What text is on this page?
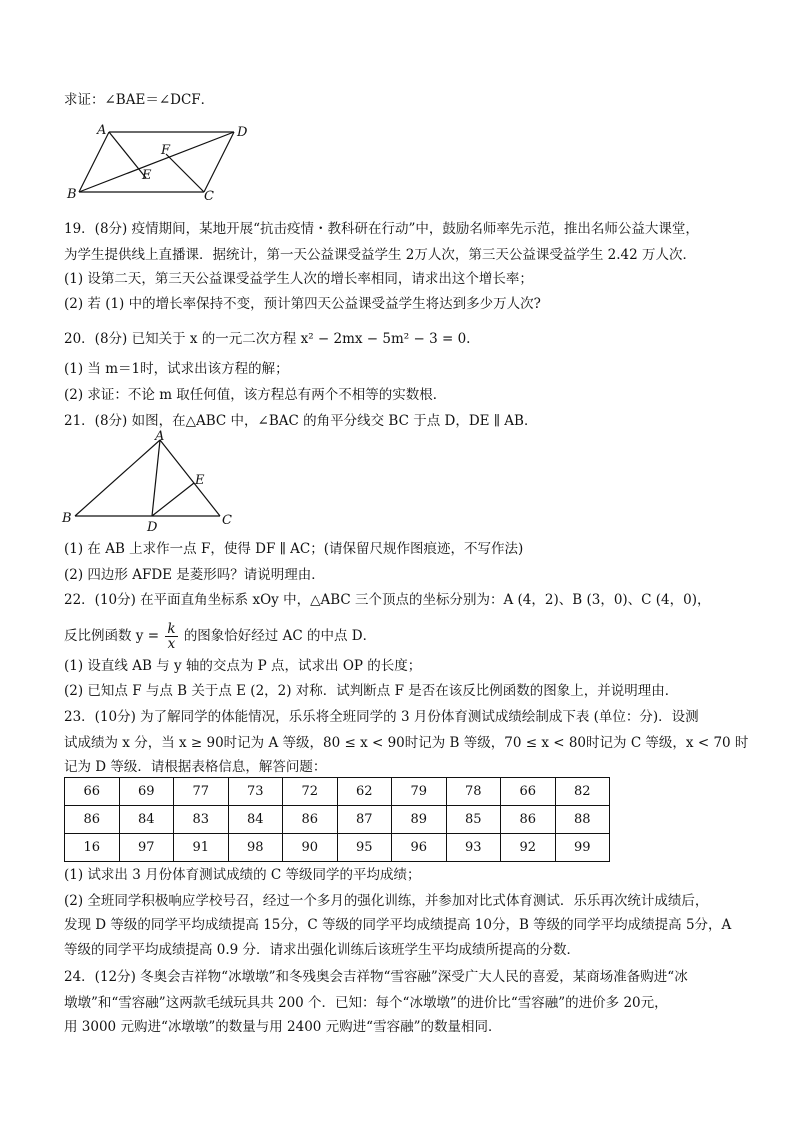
求证：∠BAE＝∠DCF．
A
B	C
D
E
F
19．(8分) 疫情期间，某地开展“抗击疫情・教科研在行动”中，鼓励名师率先示范，推出名师公益大课堂，
为学生提供线上直播课．据统计，第一天公益课受益学生 2万人次，第三天公益课受益学生 2.42 万人次．
(1) 设第二天，第三天公益课受益学生人次的增长率相同，请求出这个增长率；
(2) 若 (1) 中的增长率保持不变，预计第四天公益课受益学生将达到多少万人次?
20．(8分) 已知关于 x 的一元二次方程 x² − 2mx − 5m² − 3 = 0.
(1) 当 m＝1时，试求出该方程的解；
(2) 求证：不论 m 取任何值，该方程总有两个不相等的实数根．
21．(8分) 如图，在△ABC 中，∠BAC 的角平分线交 BC 于点 D，DE ∥ AB．
A
B	C
D
E
(1) 在 AB 上求作一点 F，使得 DF ∥ AC；(请保留尺规作图痕迹，不写作法)
(2) 四边形 AFDE 是菱形吗？请说明理由．
22．(10分) 在平面直角坐标系 xOy 中，△ABC 三个顶点的坐标分别为：A (4，2)、B (3，0)、C (4，0)，
反比例函数 $y = \frac{k}{x}$ 的图象恰好经过 AC 的中点 D．
(1) 设直线 AB 与 y 轴的交点为 P 点，试求出 OP 的长度；
(2) 已知点 F 与点 B 关于点 E (2，2) 对称．试判断点 F 是否在该反比例函数的图象上，并说明理由．
23．(10分) 为了解同学的体能情况，乐乐将全班同学的 3 月份体育测试成绩绘制成下表 (单位：分)．设测
试成绩为 x 分，当 x ≥ 90时记为 A 等级，80 ≤ x < 90时记为 B 等级，70 ≤ x < 80时记为 C 等级，x < 70 时
记为 D 等级．请根据表格信息，解答问题：
66	69	77	73	72	62	79	78	66	82
86	84	83	84	86	87	89	85	86	88
16	97	91	98	90	95	96	93	92	99
(1) 试求出 3 月份体育测试成绩的 C 等级同学的平均成绩；
(2) 全班同学积极响应学校号召，经过一个多月的强化训练，并参加对比式体育测试．乐乐再次统计成绩后，
发现 D 等级的同学平均成绩提高 15分，C 等级的同学平均成绩提高 10分，B 等级的同学平均成绩提高 5分，A
等级的同学平均成绩提高 0.9 分．请求出强化训练后该班学生平均成绩所提高的分数．
24．(12分) 冬奥会吉祥物“冰墩墩”和冬残奥会吉祥物“雪容融”深受广大人民的喜爱，某商场准备购进“冰
墩墩”和“雪容融”这两款毛绒玩具共 200 个．已知：每个“冰墩墩”的进价比“雪容融”的进价多 20元，
用 3000 元购进“冰墩墩”的数量与用 2400 元购进“雪容融”的数量相同．
